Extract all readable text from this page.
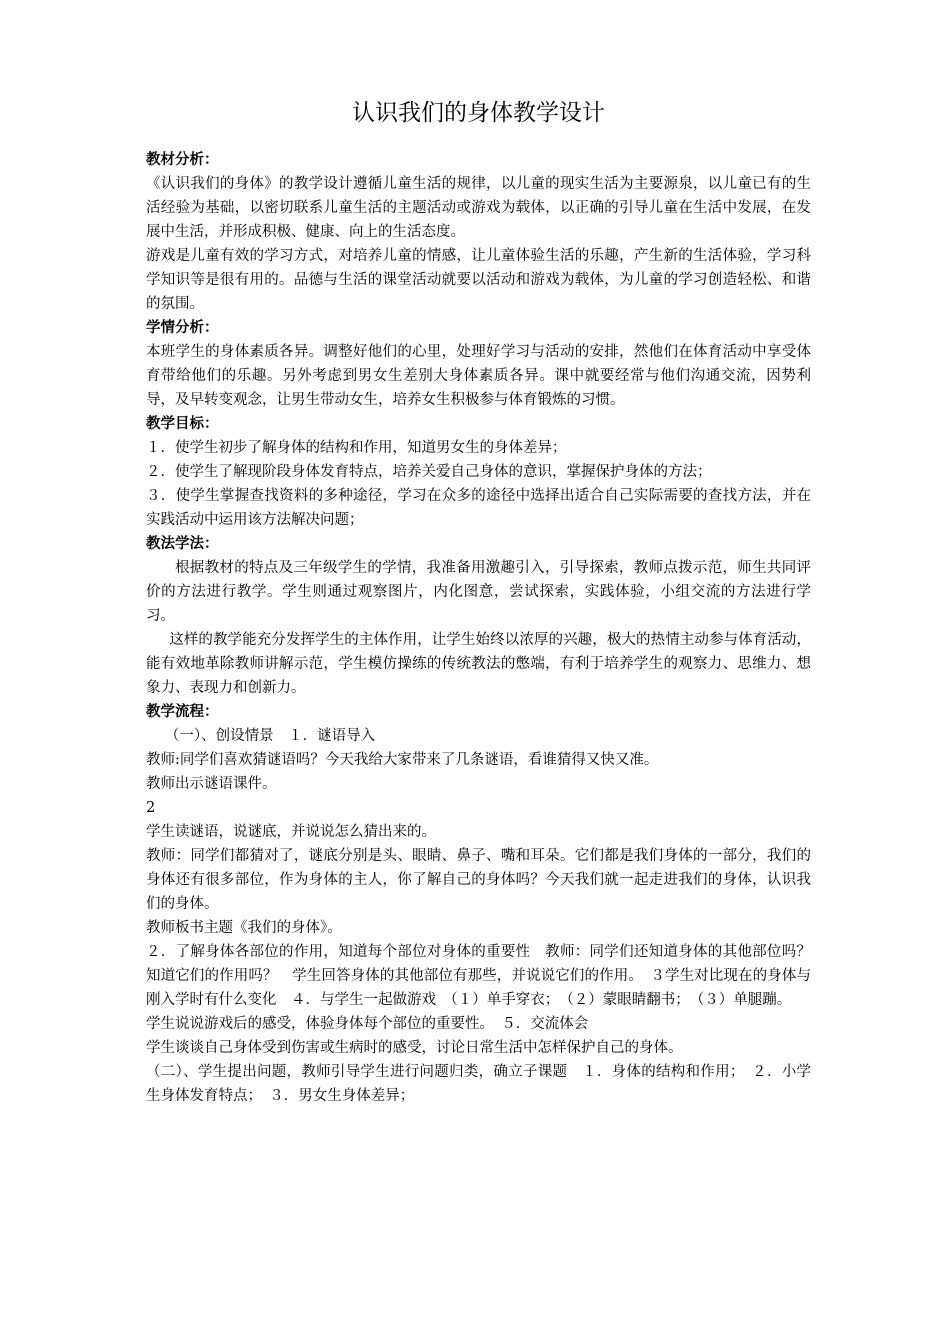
认识我们的身体教学设计
教材分析：
《认识我们的身体》的教学设计遵循儿童生活的规律，以儿童的现实生活为主要源泉，以儿童已有的生活经验为基础，以密切联系儿童生活的主题活动或游戏为载体，以正确的引导儿童在生活中发展，在发展中生活，并形成积极、健康、向上的生活态度。
游戏是儿童有效的学习方式，对培养儿童的情感，让儿童体验生活的乐趣，产生新的生活体验，学习科学知识等是很有用的。品德与生活的课堂活动就要以活动和游戏为载体，为儿童的学习创造轻松、和谐的氛围。
学情分析：
本班学生的身体素质各异。调整好他们的心里，处理好学习与活动的安排，然他们在体育活动中享受体育带给他们的乐趣。另外考虑到男女生差别大身体素质各异。课中就要经常与他们沟通交流，因势利导，及早转变观念，让男生带动女生，培养女生积极参与体育锻炼的习惯。
教学目标：
１．使学生初步了解身体的结构和作用，知道男女生的身体差异；
２．使学生了解现阶段身体发育特点，培养关爱自己身体的意识，掌握保护身体的方法；
３．使学生掌握查找资料的多种途径，学习在众多的途径中选择出适合自己实际需要的查找方法，并在实践活动中运用该方法解决问题；
教法学法：
根据教材的特点及三年级学生的学情，我准备用激趣引入，引导探索，教师点拨示范，师生共同评价的方法进行教学。学生则通过观察图片，内化图意，尝试探索，实践体验，小组交流的方法进行学习。
这样的教学能充分发挥学生的主体作用，让学生始终以浓厚的兴趣，极大的热情主动参与体育活动，能有效地革除教师讲解示范，学生模仿操练的传统教法的憋端，有利于培养学生的观察力、思维力、想象力、表现力和创新力。
教学流程：
（一）、创设情景　１．谜语导入
教师:同学们喜欢猜谜语吗？今天我给大家带来了几条谜语，看谁猜得又快又准。
教师出示谜语课件。
2
学生读谜语，说谜底，并说说怎么猜出来的。
教师：同学们都猜对了，谜底分别是头、眼睛、鼻子、嘴和耳朵。它们都是我们身体的一部分，我们的身体还有很多部位，作为身体的主人，你了解自己的身体吗？今天我们就一起走进我们的身体，认识我们的身体。
教师板书主题《我们的身体》。
２．了解身体各部位的作用，知道每个部位对身体的重要性　教师：同学们还知道身体的其他部位吗？知道它们的作用吗？　学生回答身体的其他部位有那些，并说说它们的作用。　３学生对比现在的身体与刚入学时有什么变化　４．与学生一起做游戏　（１）单手穿衣；　（２）蒙眼睛翻书；　（３）单腿蹦。
学生说说游戏后的感受，体验身体每个部位的重要性。　５．交流体会
学生谈谈自己身体受到伤害或生病时的感受，讨论日常生活中怎样保护自己的身体。
（二）、学生提出问题，教师引导学生进行问题归类，确立子课题　１．身体的结构和作用；　２．小学生身体发育特点；　３．男女生身体差异；
